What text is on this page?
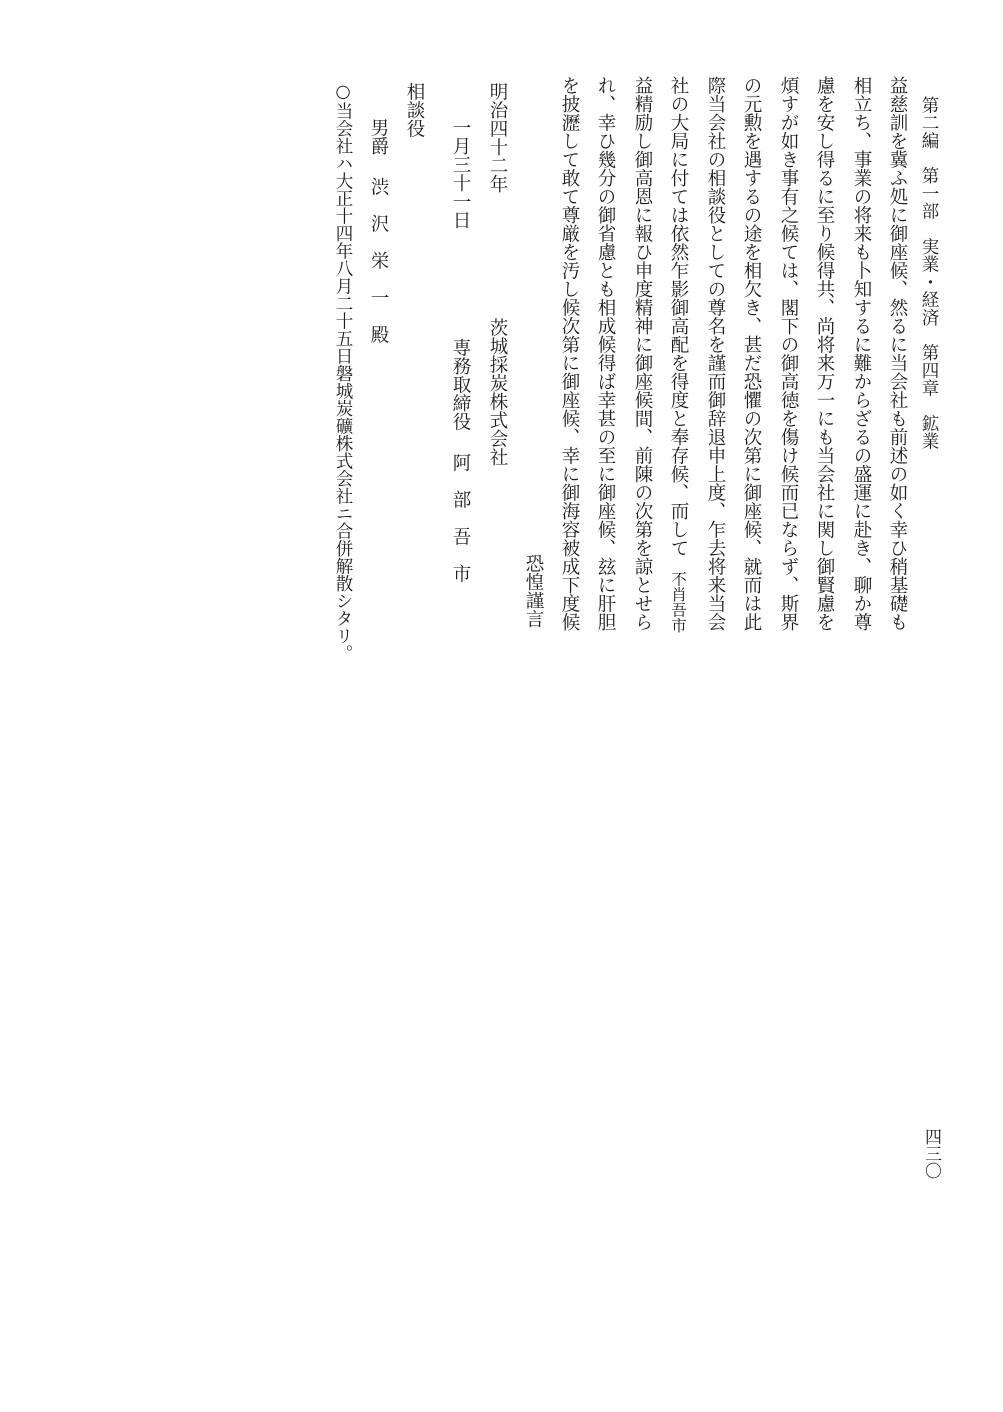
第二編　第一部　実業・経済　第四章　鉱業
四三〇
益慈訓を冀ふ処に御座候、然るに当会社も前述の如く幸ひ稍基礎も
相立ち、事業の将来も卜知するに難からざるの盛運に赴き、聊か尊
慮を安し得るに至り候得共、尚将来万一にも当会社に関し御賢慮を
煩すが如き事有之候ては、閣下の御高徳を傷け候而已ならず、斯界
の元勲を遇するの途を相欠き、甚だ恐懼の次第に御座候、就而は此
際当会社の相談役としての尊名を謹而御辞退申上度、乍去将来当会
社の大局に付ては依然乍影御高配を得度と奉存候、而して不肖吾市
益精励し御高恩に報ひ申度精神に御座候間、前陳の次第を諒とせら
れ、幸ひ幾分の御省慮とも相成候得ば幸甚の至に御座候、玆に肝胆
を披瀝して敢て尊厳を汚し候次第に御座候、幸に御海容被成下度候
恐惶謹言
明治四十二年
一月三十一日
茨城採炭株式会社
専務取締役阿　部　吾　市
相談役
男爵渋　沢　栄　一　殿
○当会社ハ大正十四年八月二十五日磐城炭礦株式会社ニ合併解散シタリ。
